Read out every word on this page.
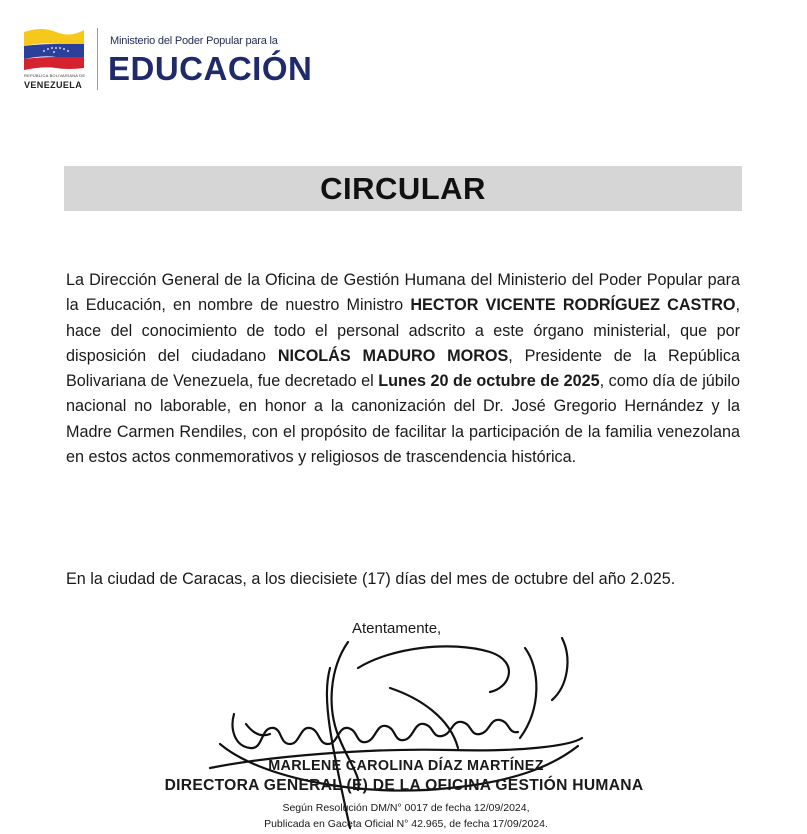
REPÚBLICA BOLIVARIANA DE
VENEZUELA
Ministerio del Poder Popular para la
EDUCACIÓN
CIRCULAR
La Dirección General de la Oficina de Gestión Humana del Ministerio del Poder Popular para la Educación, en nombre de nuestro Ministro HECTOR VICENTE RODRÍGUEZ CASTRO, hace del conocimiento de todo el personal adscrito a este órgano ministerial, que por disposición del ciudadano NICOLÁS MADURO MOROS, Presidente de la República Bolivariana de Venezuela, fue decretado el Lunes 20 de octubre de 2025, como día de júbilo nacional no laborable, en honor a la canonización del Dr. José Gregorio Hernández y la Madre Carmen Rendiles, con el propósito de facilitar la participación de la familia venezolana en estos actos conmemorativos y religiosos de trascendencia histórica.
En la ciudad de Caracas, a los diecisiete (17) días del mes de octubre del año 2.025.
Atentamente,
MARLENE CAROLINA DÍAZ MARTÍNEZ
DIRECTORA GENERAL (E) DE LA OFICINA GESTIÓN HUMANA
Según Resolución DM/N° 0017 de fecha 12/09/2024,
Publicada en Gaceta Oficial N° 42.965, de fecha 17/09/2024.
